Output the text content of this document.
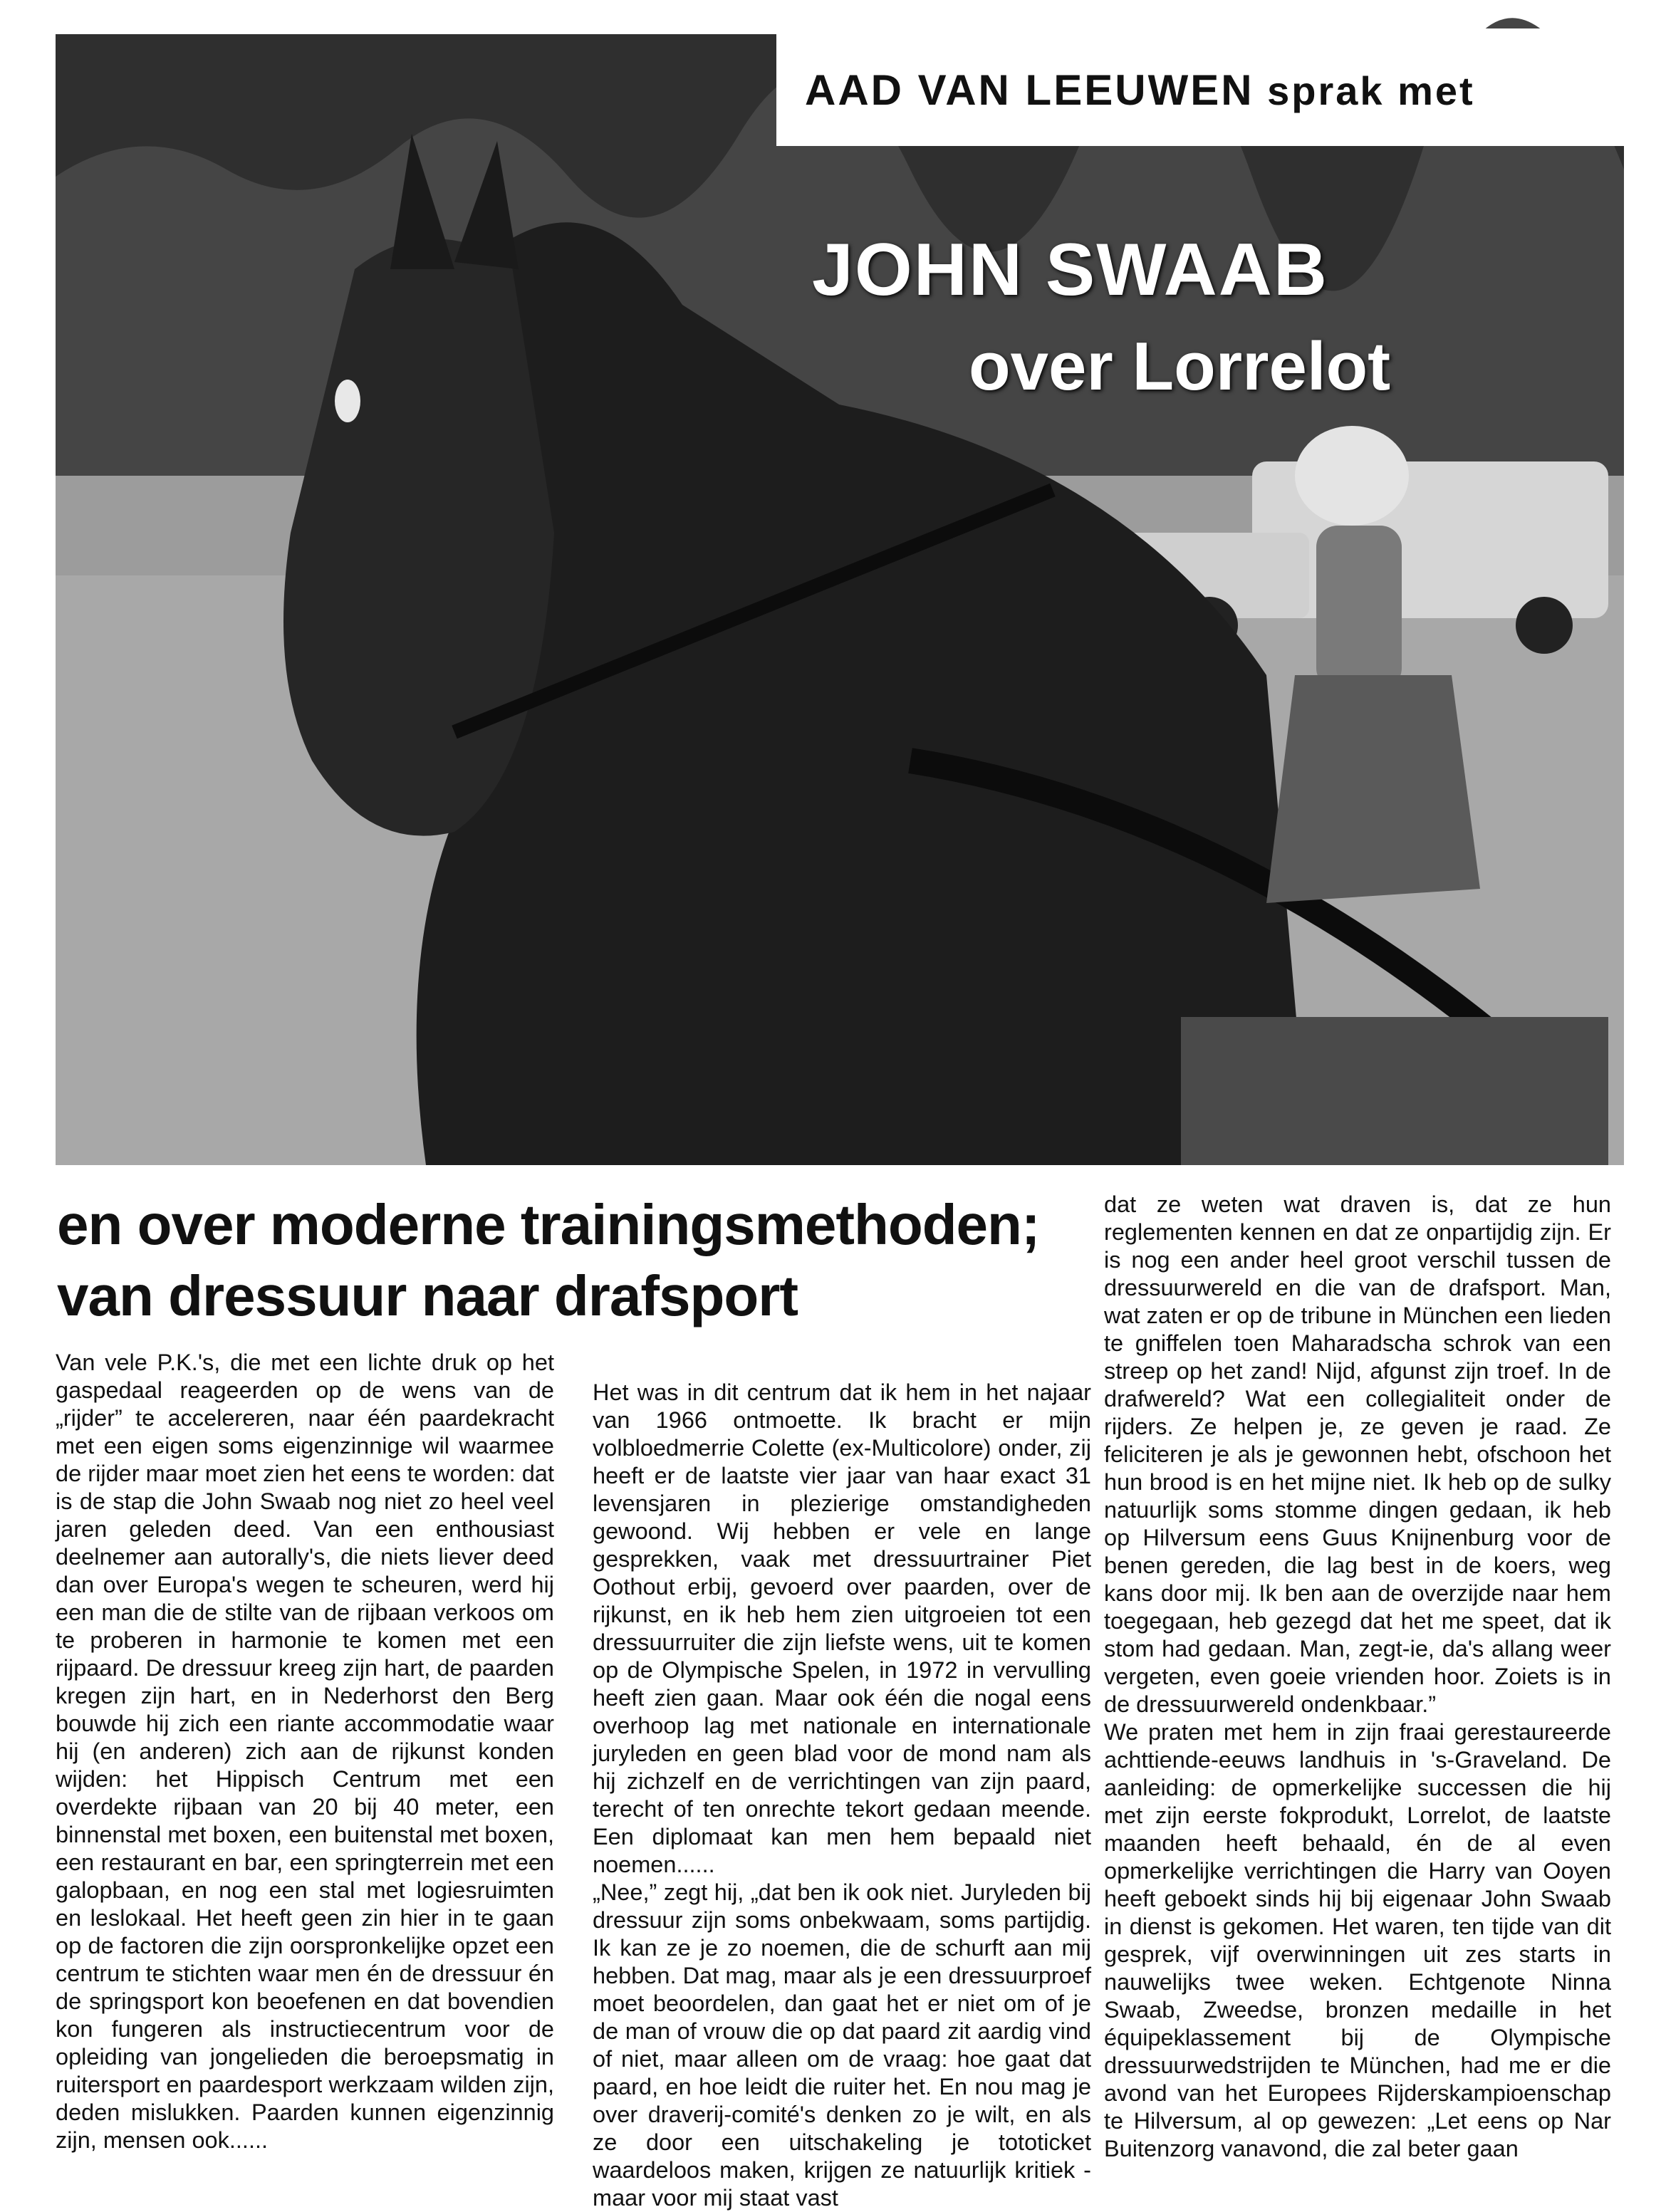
AAD VAN LEEUWEN sprak met
JOHN SWAAB
over Lorrelot
en over moderne trainingsmethoden;
van dressuur naar drafsport

Van vele P.K.'s, die met een lichte druk op het gaspedaal reageerden op de wens van de „rijder” te accelereren, naar één paardekracht met een eigen soms eigenzinnige wil waarmee de rijder maar moet zien het eens te worden: dat is de stap die John Swaab nog niet zo heel veel jaren geleden deed. Van een enthousiast deelnemer aan autorally's, die niets liever deed dan over Europa's wegen te scheuren, werd hij een man die de stilte van de rijbaan verkoos om te proberen in harmonie te komen met een rijpaard. De dressuur kreeg zijn hart, de paarden kregen zijn hart, en in Nederhorst den Berg bouwde hij zich een riante accommodatie waar hij (en anderen) zich aan de rijkunst konden wijden: het Hippisch Centrum met een overdekte rijbaan van 20 bij 40 meter, een binnenstal met boxen, een buitenstal met boxen, een restaurant en bar, een springterrein met een galopbaan, en nog een stal met logiesruimten en leslokaal. Het heeft geen zin hier in te gaan op de factoren die zijn oorspronkelijke opzet een centrum te stichten waar men én de dressuur én de springsport kon beoefenen en dat bovendien kon fungeren als instructiecentrum voor de opleiding van jongelieden die beroepsmatig in ruitersport en paardesport werkzaam wilden zijn, deden mislukken. Paarden kunnen eigenzinnig zijn, mensen ook......

Het was in dit centrum dat ik hem in het najaar van 1966 ontmoette. Ik bracht er mijn volbloedmerrie Colette (ex-Multicolore) onder, zij heeft er de laatste vier jaar van haar exact 31 levensjaren in plezierige omstandigheden gewoond. Wij hebben er vele en lange gesprekken, vaak met dressuurtrainer Piet Oothout erbij, gevoerd over paarden, over de rijkunst, en ik heb hem zien uitgroeien tot een dressuurruiter die zijn liefste wens, uit te komen op de Olympische Spelen, in 1972 in vervulling heeft zien gaan. Maar ook één die nogal eens overhoop lag met nationale en internationale juryleden en geen blad voor de mond nam als hij zichzelf en de verrichtingen van zijn paard, terecht of ten onrechte tekort gedaan meende. Een diplomaat kan men hem bepaald niet noemen......

„Nee,” zegt hij, „dat ben ik ook niet. Juryleden bij dressuur zijn soms onbekwaam, soms partijdig. Ik kan ze je zo noemen, die de schurft aan mij hebben. Dat mag, maar als je een dressuurproef moet beoordelen, dan gaat het er niet om of je de man of vrouw die op dat paard zit aardig vind of niet, maar alleen om de vraag: hoe gaat dat paard, en hoe leidt die ruiter het. En nou mag je over draverij-comité's denken zo je wilt, en als ze door een uitschakeling je tototicket waardeloos maken, krijgen ze natuurlijk kritiek - maar voor mij staat vast

dat ze weten wat draven is, dat ze hun reglementen kennen en dat ze onpartijdig zijn. Er is nog een ander heel groot verschil tussen de dressuurwereld en die van de drafsport. Man, wat zaten er op de tribune in München een lieden te gniffelen toen Maharadscha schrok van een streep op het zand! Nijd, afgunst zijn troef. In de drafwereld? Wat een collegialiteit onder de rijders. Ze helpen je, ze geven je raad. Ze feliciteren je als je gewonnen hebt, ofschoon het hun brood is en het mijne niet. Ik heb op de sulky natuurlijk soms stomme dingen gedaan, ik heb op Hilversum eens Guus Knijnenburg voor de benen gereden, die lag best in de koers, weg kans door mij. Ik ben aan de overzijde naar hem toegegaan, heb gezegd dat het me speet, dat ik stom had gedaan. Man, zegt-ie, da's allang weer vergeten, even goeie vrienden hoor. Zoiets is in de dressuurwereld ondenkbaar.”

We praten met hem in zijn fraai gerestaureerde achttiende-eeuws landhuis in 's-Graveland. De aanleiding: de opmerkelijke successen die hij met zijn eerste fokprodukt, Lorrelot, de laatste maanden heeft behaald, én de al even opmerkelijke verrichtingen die Harry van Ooyen heeft geboekt sinds hij bij eigenaar John Swaab in dienst is gekomen. Het waren, ten tijde van dit gesprek, vijf overwinningen uit zes starts in nauwelijks twee weken. Echtgenote Ninna Swaab, Zweedse, bronzen medaille in het équipeklassement bij de Olympische dressuurwedstrijden te München, had me er die avond van het Europees Rijderskampioenschap te Hilversum, al op gewezen: „Let eens op Nar Buitenzorg vanavond, die zal beter gaan
